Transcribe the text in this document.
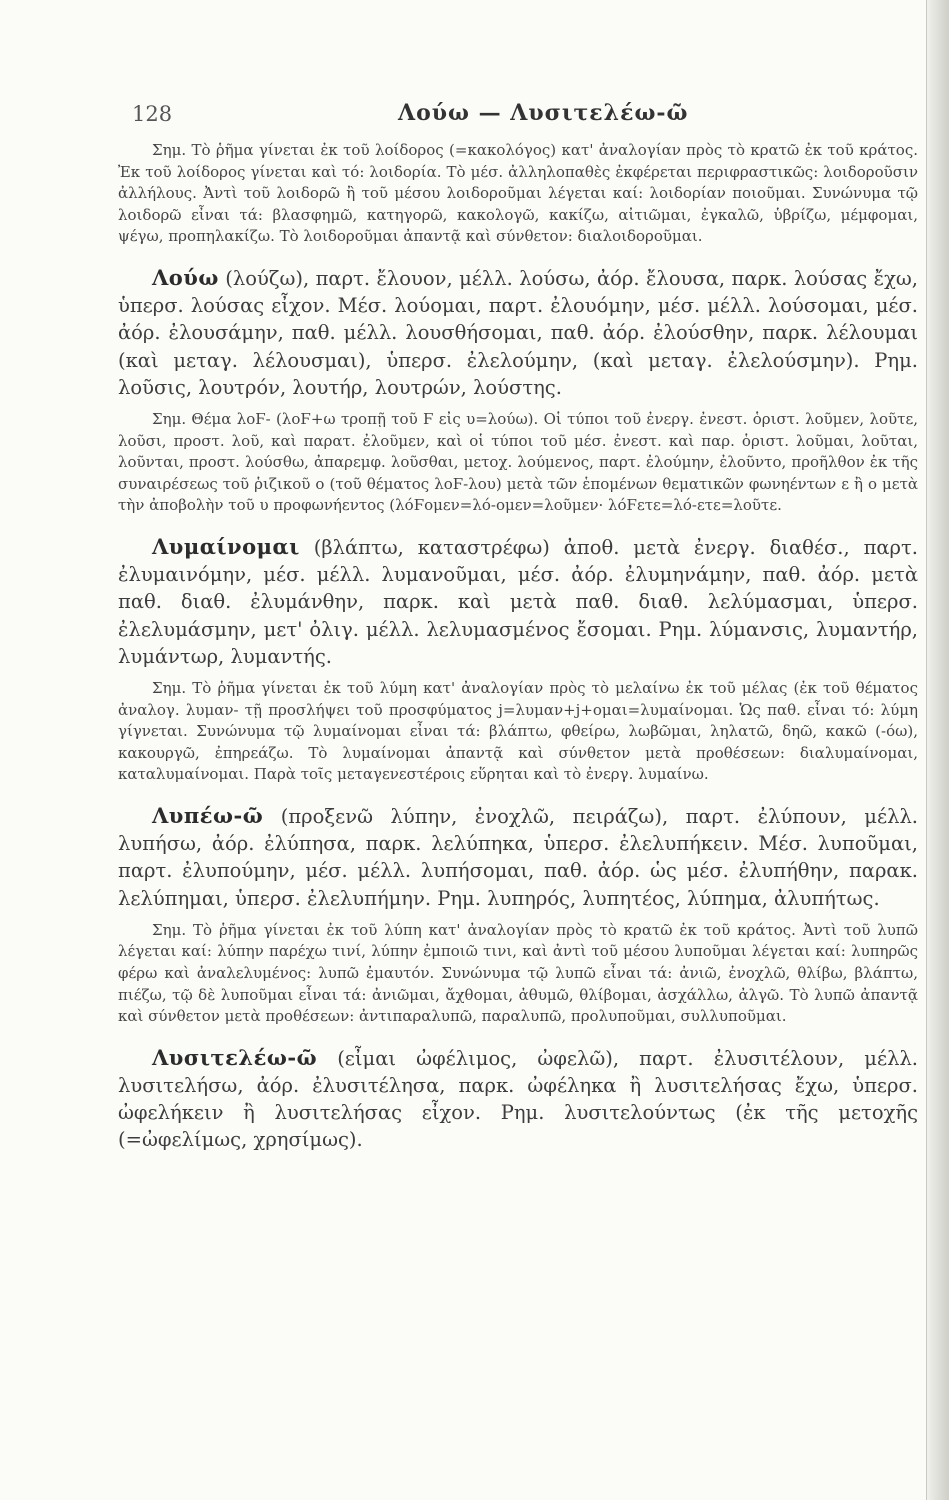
128	Λούω — Λυσιτελέω-ῶ

Σημ. Τὸ ῥῆμα γίνεται ἐκ τοῦ λοίδορος (=κακολόγος) κατ' ἀναλογίαν πρὸς τὸ κρατῶ ἐκ τοῦ κράτος. Ἐκ τοῦ λοίδορος γίνεται καὶ τό: λοιδορία. Τὸ μέσ. ἀλληλοπαθὲς ἐκφέρεται περιφραστικῶς: λοιδοροῦσιν ἀλλήλους. Ἀντὶ τοῦ λοιδορῶ ἢ τοῦ μέσου λοιδοροῦμαι λέγεται καί: λοιδορίαν ποιοῦμαι. Συνώνυμα τῷ λοιδορῶ εἶναι τά: βλασφημῶ, κατηγορῶ, κακολογῶ, κακίζω, αἰτιῶμαι, ἐγκαλῶ, ὑβρίζω, μέμφομαι, ψέγω, προπηλακίζω. Τὸ λοιδοροῦμαι ἀπαντᾷ καὶ σύνθετον: διαλοιδοροῦμαι.

Λούω (λούζω), παρτ. ἔλουον, μέλλ. λούσω, ἀόρ. ἔλουσα, παρκ. λούσας ἔχω, ὑπερσ. λούσας εἶχον. Μέσ. λούομαι, παρτ. ἐλουόμην, μέσ. μέλλ. λούσομαι, μέσ. ἀόρ. ἐλουσάμην, παθ. μέλλ. λουσθήσομαι, παθ. ἀόρ. ἐλούσθην, παρκ. λέλουμαι (καὶ μεταγ. λέλουσμαι), ὑπερσ. ἐλελούμην, (καὶ μεταγ. ἐλελούσμην). Ρημ. λοῦσις, λουτρόν, λουτήρ, λουτρών, λούστης.

Σημ. Θέμα λοϜ- (λοϜ+ω τροπῇ τοῦ Ϝ εἰς υ=λούω). Οἱ τύποι τοῦ ἐνεργ. ἐνεστ. ὁριστ. λοῦμεν, λοῦτε, λοῦσι, προστ. λοῦ, καὶ παρατ. ἐλοῦμεν, καὶ οἱ τύποι τοῦ μέσ. ἐνεστ. καὶ παρ. ὁριστ. λοῦμαι, λοῦται, λοῦνται, προστ. λούσθω, ἀπαρεμφ. λοῦσθαι, μετοχ. λούμενος, παρτ. ἐλούμην, ἐλοῦντο, προῆλθον ἐκ τῆς συναιρέσεως τοῦ ῥιζικοῦ ο (τοῦ θέματος λοϜ-λου) μετὰ τῶν ἑπομένων θεματικῶν φωνηέντων ε ἢ ο μετὰ τὴν ἀποβολὴν τοῦ υ προφωνήεντος (λόϜομεν=λό-ομεν=λοῦμεν· λόϜετε=λό-ετε=λοῦτε.

Λυμαίνομαι (βλάπτω, καταστρέφω) ἀποθ. μετὰ ἐνεργ. διαθέσ., παρτ. ἐλυμαινόμην, μέσ. μέλλ. λυμανοῦμαι, μέσ. ἀόρ. ἐλυμηνάμην, παθ. ἀόρ. μετὰ παθ. διαθ. ἐλυμάνθην, παρκ. καὶ μετὰ παθ. διαθ. λελύμασμαι, ὑπερσ. ἐλελυμάσμην, μετ' ὀλιγ. μέλλ. λελυμασμένος ἔσομαι. Ρημ. λύμανσις, λυμαντήρ, λυμάντωρ, λυμαντής.

Σημ. Τὸ ῥῆμα γίνεται ἐκ τοῦ λύμη κατ' ἀναλογίαν πρὸς τὸ μελαίνω ἐκ τοῦ μέλας (ἐκ τοῦ θέματος ἀναλογ. λυμαν- τῇ προσλήψει τοῦ προσφύματος j=λυμαν+j+ομαι=λυμαίνομαι. Ὡς παθ. εἶναι τό: λύμη γίγνεται. Συνώνυμα τῷ λυμαίνομαι εἶναι τά: βλάπτω, φθείρω, λωβῶμαι, ληλατῶ, δηῶ, κακῶ (-όω), κακουργῶ, ἐπηρεάζω. Τὸ λυμαίνομαι ἀπαντᾷ καὶ σύνθετον μετὰ προθέσεων: διαλυμαίνομαι, καταλυμαίνομαι. Παρὰ τοῖς μεταγενεστέροις εὕρηται καὶ τὸ ἐνεργ. λυμαίνω.

Λυπέω-ῶ (προξενῶ λύπην, ἐνοχλῶ, πειράζω), παρτ. ἐλύπουν, μέλλ. λυπήσω, ἀόρ. ἐλύπησα, παρκ. λελύπηκα, ὑπερσ. ἐλελυπήκειν. Μέσ. λυποῦμαι, παρτ. ἐλυπούμην, μέσ. μέλλ. λυπήσομαι, παθ. ἀόρ. ὡς μέσ. ἐλυπήθην, παρακ. λελύπημαι, ὑπερσ. ἐλελυπήμην. Ρημ. λυπηρός, λυπητέος, λύπημα, ἀλυπήτως.

Σημ. Τὸ ῥῆμα γίνεται ἐκ τοῦ λύπη κατ' ἀναλογίαν πρὸς τὸ κρατῶ ἐκ τοῦ κράτος. Ἀντὶ τοῦ λυπῶ λέγεται καί: λύπην παρέχω τινί, λύπην ἐμποιῶ τινι, καὶ ἀντὶ τοῦ μέσου λυποῦμαι λέγεται καί: λυπηρῶς φέρω καὶ ἀναλελυμένος: λυπῶ ἐμαυτόν. Συνώνυμα τῷ λυπῶ εἶναι τά: ἀνιῶ, ἐνοχλῶ, θλίβω, βλάπτω, πιέζω, τῷ δὲ λυποῦμαι εἶναι τά: ἀνιῶμαι, ἄχθομαι, ἀθυμῶ, θλίβομαι, ἀσχάλλω, ἀλγῶ. Τὸ λυπῶ ἀπαντᾷ καὶ σύνθετον μετὰ προθέσεων: ἀντιπαραλυπῶ, παραλυπῶ, προλυποῦμαι, συλλυποῦμαι.

Λυσιτελέω-ῶ (εἶμαι ὠφέλιμος, ὠφελῶ), παρτ. ἐλυσιτέλουν, μέλλ. λυσιτελήσω, ἀόρ. ἐλυσιτέλησα, παρκ. ὠφέληκα ἢ λυσιτελήσας ἔχω, ὑπερσ. ὠφελήκειν ἢ λυσιτελήσας εἶχον. Ρημ. λυσιτελούντως (ἐκ τῆς μετοχῆς (=ὠφελίμως, χρησίμως).
